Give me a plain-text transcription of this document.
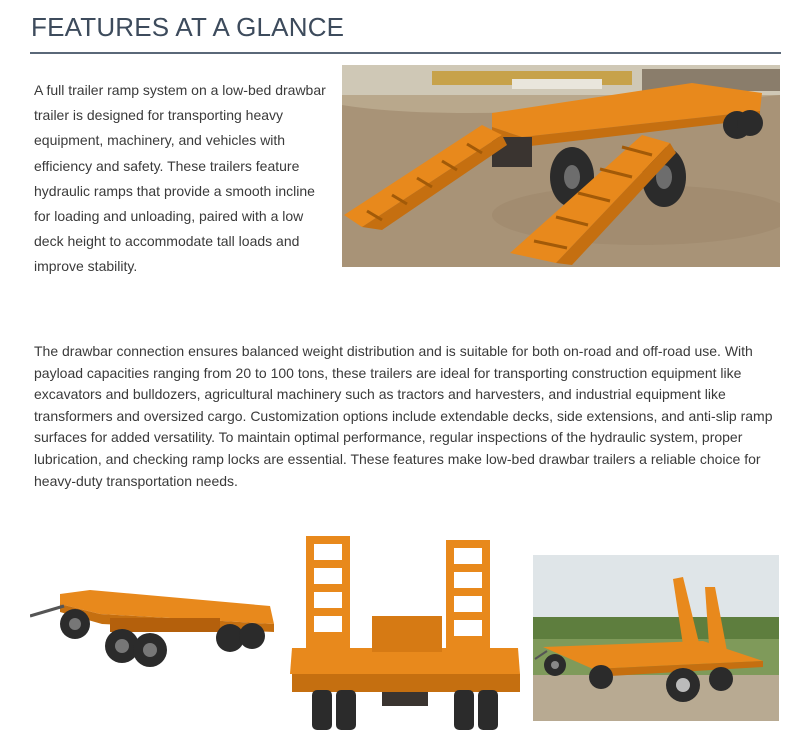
FEATURES AT A GLANCE

A full trailer ramp system on a low-bed drawbar trailer is designed for transporting heavy equipment, machinery, and vehicles with efficiency and safety. These trailers feature hydraulic ramps that provide a smooth incline for loading and unloading, paired with a low deck height to accommodate tall loads and improve stability.

The drawbar connection ensures balanced weight distribution and is suitable for both on-road and off-road use. With payload capacities ranging from 20 to 100 tons, these trailers are ideal for transporting construction equipment like excavators and bulldozers, agricultural machinery such as tractors and harvesters, and industrial equipment like transformers and oversized cargo. Customization options include extendable decks, side extensions, and anti-slip ramp surfaces for added versatility. To maintain optimal performance, regular inspections of the hydraulic system, proper lubrication, and checking ramp locks are essential. These features make low-bed drawbar trailers a reliable choice for heavy-duty transportation needs.
